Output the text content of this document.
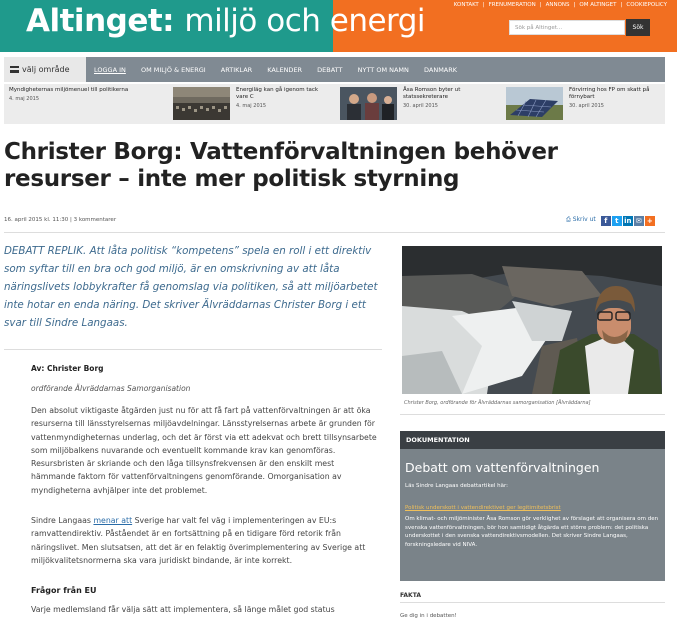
Altinget: miljö och energi	KONTAKT | FRENUMERATION | ANNONS | OM ALTINGET | COOKIEPOLICY
Sök på Altinget...	Sök
välj område	LOGGA IN OM MILJÖ & ENERGI ARTIKLAR KALENDER DEBATT NYTT OM NAMN DANMARK
Myndigheternas miljömenuel till politikerna
4. maj 2015
Energiläg kan gå igenom tack vare C
4. maj 2015
Åsa Romson byter ut statssekreterare
30. april 2015
Förvirring hos FP om skatt på förnybart
30. april 2015
Christer Borg: Vattenförvaltningen behöver resurser – inte mer politisk styrning
16. april 2015 kl. 11:30 | 3 kommentarer	$^{⎙ Skriv ut}$ f t in ✉ +

DEBATT REPLIK. Att låta politisk “kompetens” spela en roll i ett direktiv som syftar till en bra och god miljö, är en omskrivning av att låta näringslivets lobbykrafter få genomslag via politiken, så att miljöarbetet inte hotar en enda näring. Det skriver Älvräddarnas Christer Borg i ett svar till Sindre Langaas.

Av: Christer Borg
ordförande Älvräddarnas Samorganisation

Den absolut viktigaste åtgärden just nu för att få fart på vattenförvaltningen är att öka resurserna till länsstyrelsernas miljöavdelningar. Länsstyrelsernas arbete är grunden för vattenmyndigheternas underlag, och det är först via ett adekvat och brett tillsynsarbete som miljöbalkens nuvarande och eventuellt kommande krav kan genomföras. Resursbristen är skriande och den låga tillsynsfrekvensen är den enskilt mest hämmande faktorn för vattenförvaltningens genomförande. Omorganisation av myndigheterna avhjälper inte det problemet.

Sindre Langaas menar att Sverige har valt fel väg i implementeringen av EU:s ramvattendirektiv. Påståendet är en fortsättning på en tidigare förd retorik från näringslivet. Men slutsatsen, att det är en felaktig överimplementering av Sverige att miljökvalitetsnormerna ska vara juridiskt bindande, är inte korrekt.

Frågor från EU

Varje medlemsland får välja sätt att implementera, så länge målet god status

Christer Borg, ordförande för Älvräddarnas samorganisation [Älvräddarna]
DOKUMENTATION
Debatt om vattenförvaltningen
Läs Sindre Langaas debattartikel här:
Politisk underskott i vattendirektivet ger legitimitetsbrist
Om klimat- och miljöminister Åsa Romson gör verklighet av förslaget att organisera om den svenska vattenförvaltningen, bör hon samtidigt åtgärda ett större problem: det politiska underskottet i den svenska vattendirektivsmodellen. Det skriver Sindre Langaas, forskningsledare vid NIVA.
FAKTA
Ge dig in i debatten!
